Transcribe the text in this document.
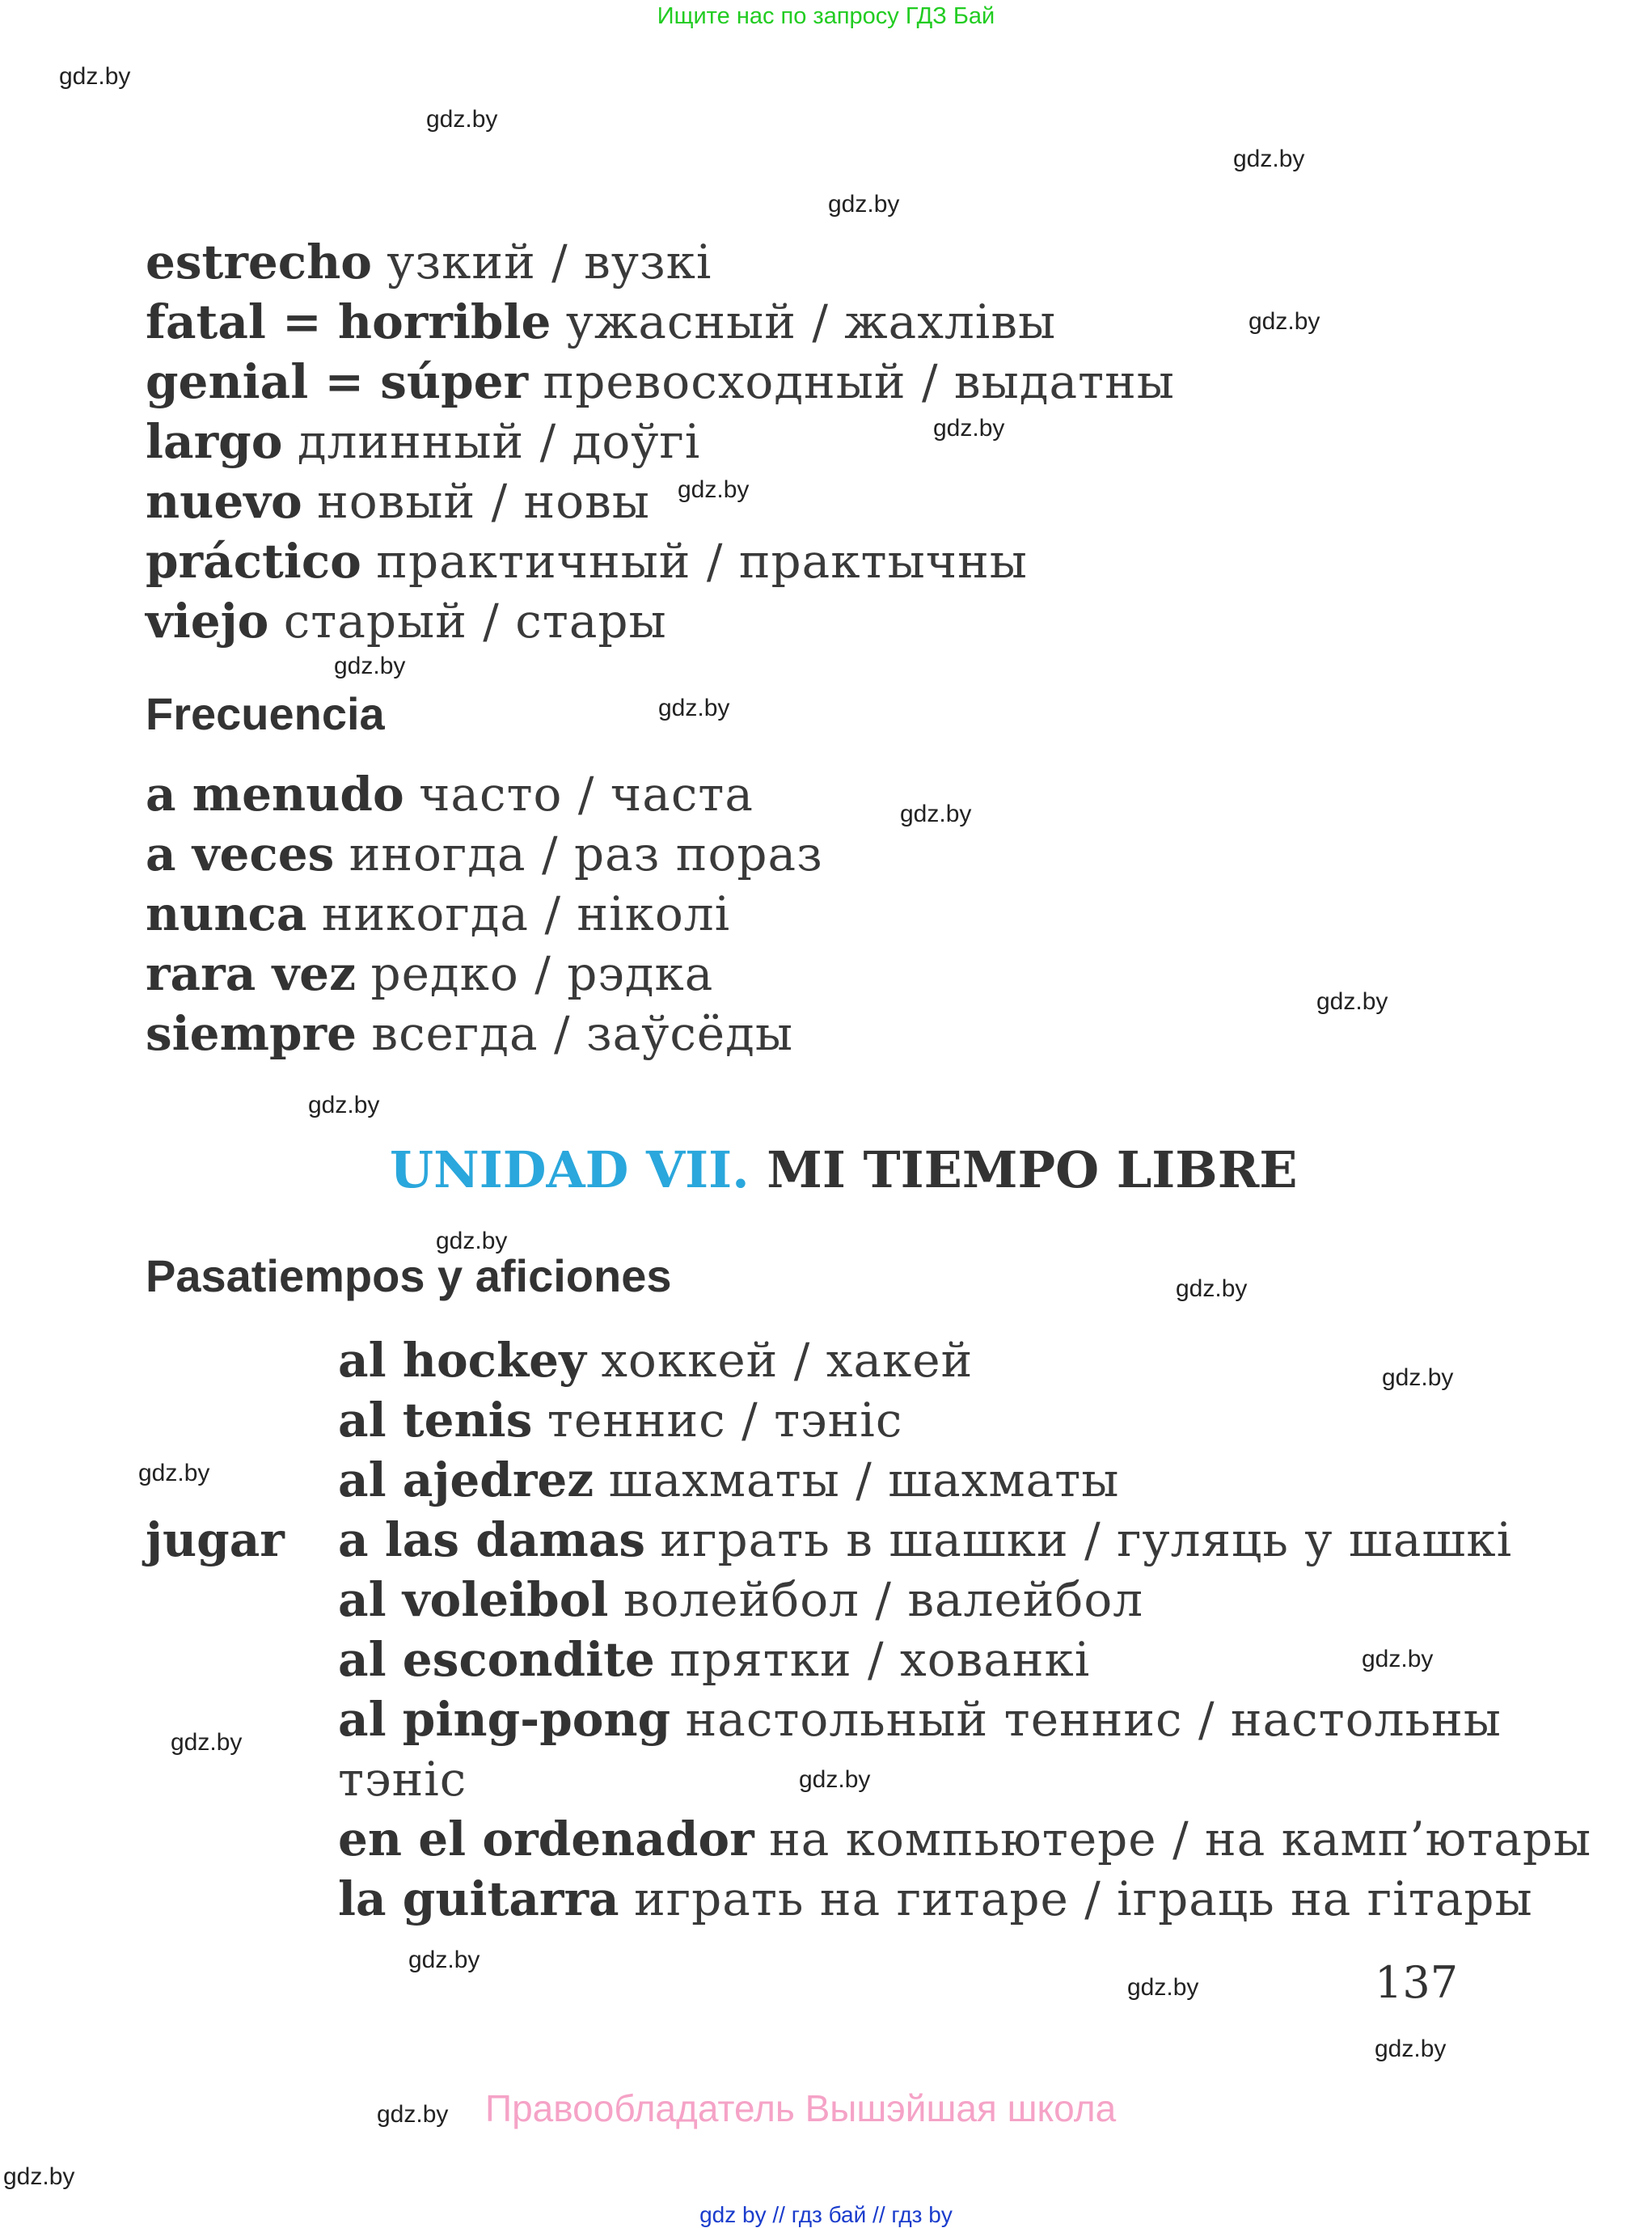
Ищите нас по запросу ГДЗ Бай
gdz.by
gdz.by
gdz.by
gdz.by
gdz.by
gdz.by
gdz.by
gdz.by
gdz.by
gdz.by
gdz.by
gdz.by
gdz.by
gdz.by
gdz.by
gdz.by
gdz.by
gdz.by
gdz.by
gdz.by
gdz.by
gdz.by
gdz.by
gdz.by
estrecho узкий / вузкі
fatal = horrible ужасный / жахлівы
genial = súper превосходный / выдатны
largo длинный / доўгі
nuevo новый / новы
práctico практичный / практычны
viejo старый / стары
Frecuencia
a menudo часто / часта
a veces иногда / раз пораз
nunca никогда / ніколі
rara vez редко / рэдка
siempre всегда / заўсёды
UNIDAD VII. MI TIEMPO LIBRE
Pasatiempos y aficiones
jugar
al hockey хоккей / хакей
al tenis теннис / тэніс
al ajedrez шахматы / шахматы
a las damas играть в шашки / гуляць у шашкі
al voleibol волейбол / валейбол
al escondite прятки / хованкі
al ping-pong настольный теннис / настольны
тэніс
en el ordenador на компьютере / на камп’ютары
la guitarra играть на гитаре / іграць на гітары
137
Правообладатель Вышэйшая школа
gdz by // гдз бай // гдз by
